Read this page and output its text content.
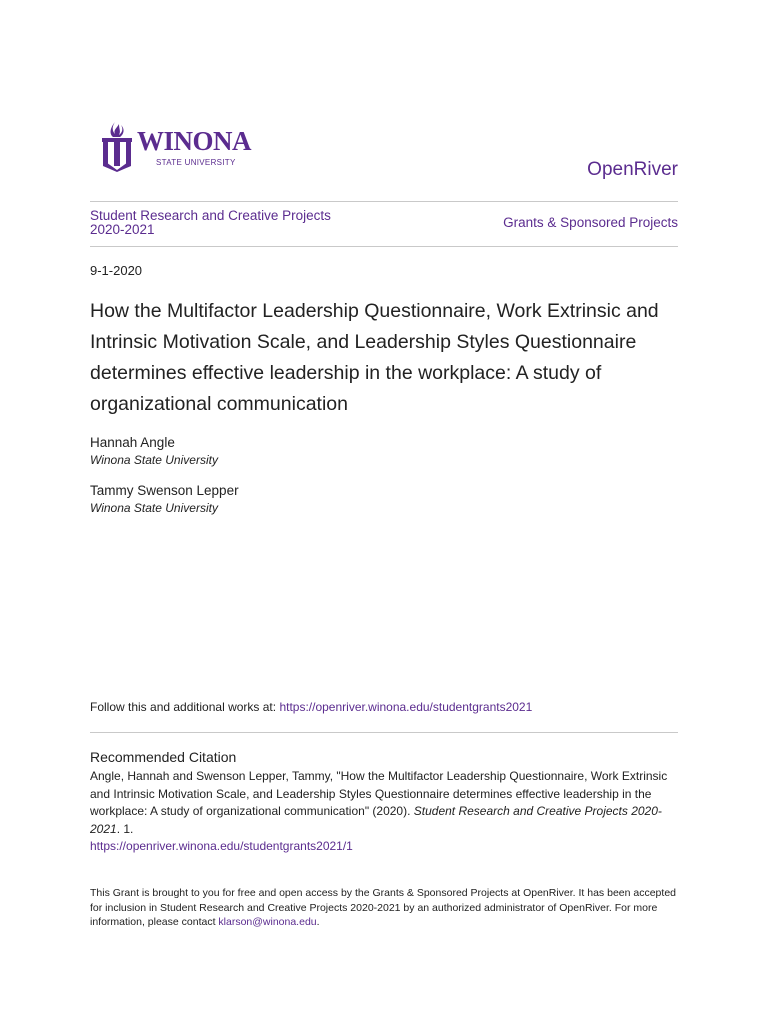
WINONA
STATE UNIVERSITY	OpenRiver
Student Research and Creative Projects
2020-2021	Grants & Sponsored Projects
9-1-2020
How the Multifactor Leadership Questionnaire, Work Extrinsic and Intrinsic Motivation Scale, and Leadership Styles Questionnaire determines effective leadership in the workplace: A study of organizational communication
Hannah Angle
Winona State University
Tammy Swenson Lepper
Winona State University
Follow this and additional works at: https://openriver.winona.edu/studentgrants2021
Recommended Citation
Angle, Hannah and Swenson Lepper, Tammy, "How the Multifactor Leadership Questionnaire, Work Extrinsic and Intrinsic Motivation Scale, and Leadership Styles Questionnaire determines effective leadership in the workplace: A study of organizational communication" (2020). Student Research and Creative Projects 2020-2021. 1.
https://openriver.winona.edu/studentgrants2021/1
This Grant is brought to you for free and open access by the Grants & Sponsored Projects at OpenRiver. It has been accepted for inclusion in Student Research and Creative Projects 2020-2021 by an authorized administrator of OpenRiver. For more information, please contact klarson@winona.edu.
